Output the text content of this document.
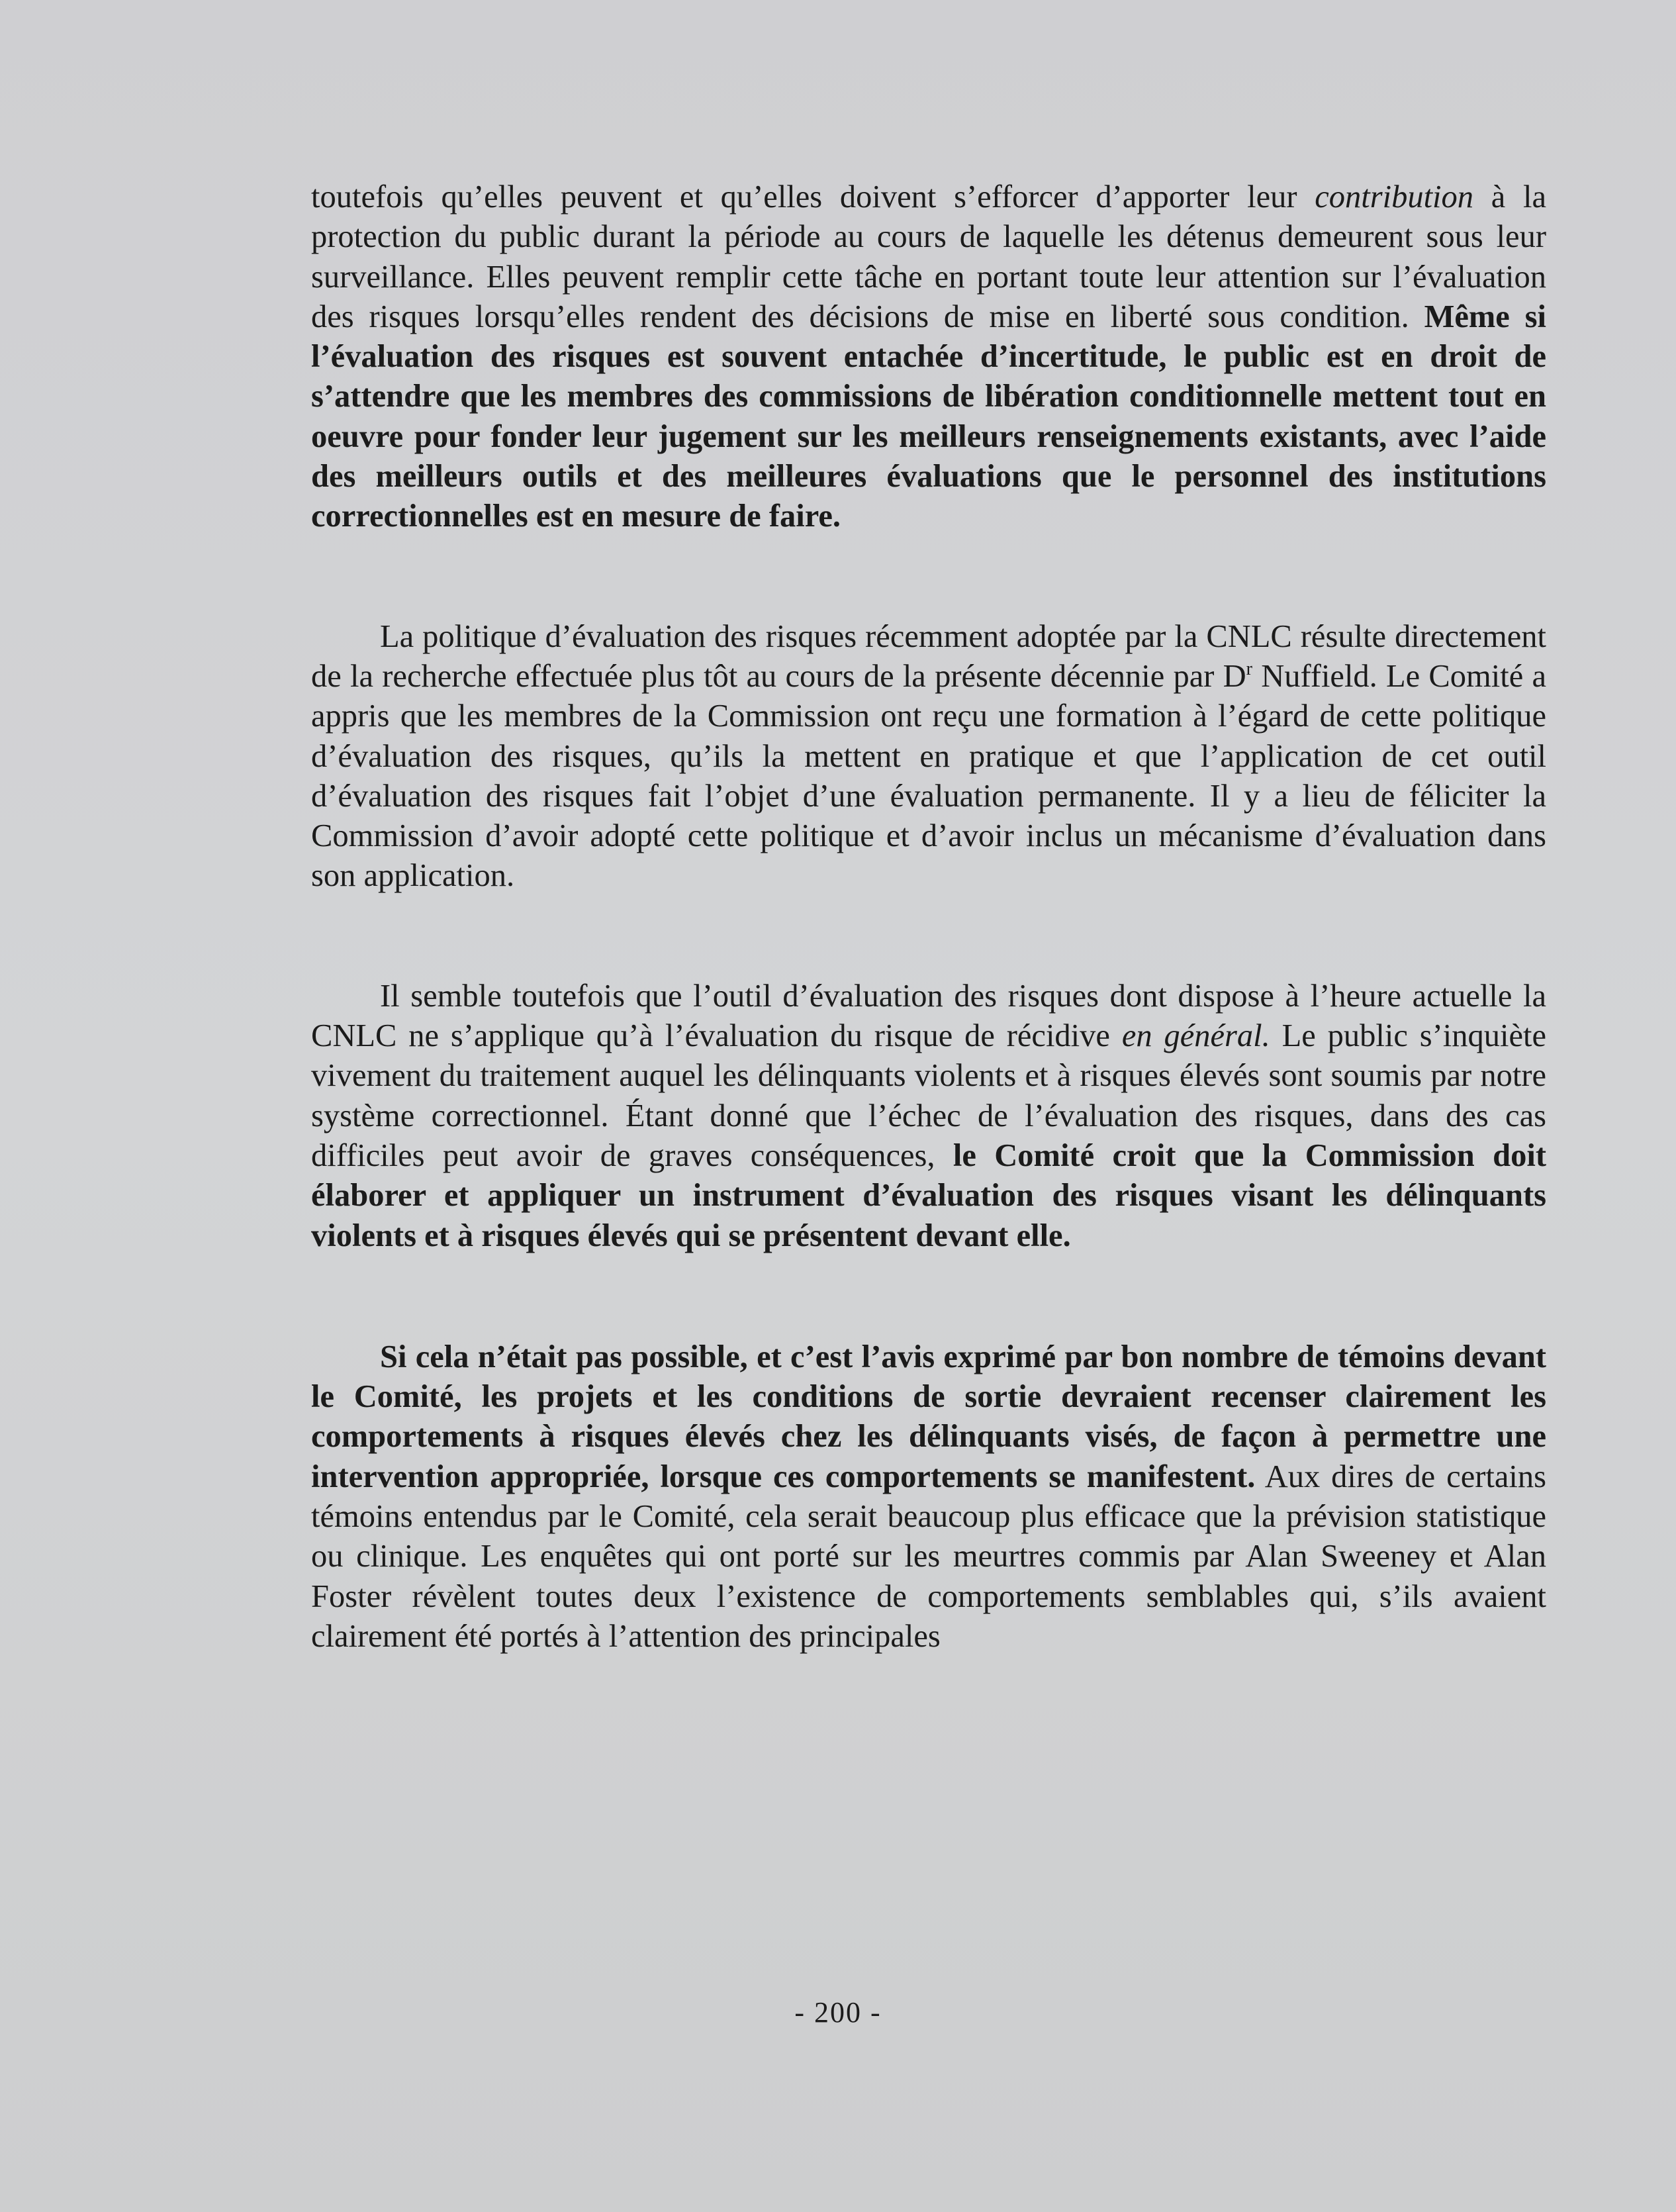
toutefois qu’elles peuvent et qu’elles doivent s’efforcer d’apporter leur contribution à la protection du public durant la période au cours de laquelle les détenus demeurent sous leur surveillance. Elles peuvent remplir cette tâche en portant toute leur attention sur l’évaluation des risques lorsqu’elles rendent des décisions de mise en liberté sous condition. Même si l’évaluation des risques est souvent entachée d’incertitude, le public est en droit de s’attendre que les membres des commissions de libération conditionnelle mettent tout en oeuvre pour fonder leur jugement sur les meilleurs renseignements existants, avec l’aide des meilleurs outils et des meilleures évaluations que le personnel des institutions correctionnelles est en mesure de faire.

La politique d’évaluation des risques récemment adoptée par la CNLC résulte directement de la recherche effectuée plus tôt au cours de la présente décennie par $D^r$ Nuffield. Le Comité a appris que les membres de la Commission ont reçu une formation à l’égard de cette politique d’évaluation des risques, qu’ils la mettent en pratique et que l’application de cet outil d’évaluation des risques fait l’objet d’une évaluation permanente. Il y a lieu de féliciter la Commission d’avoir adopté cette politique et d’avoir inclus un mécanisme d’évaluation dans son application.

Il semble toutefois que l’outil d’évaluation des risques dont dispose à l’heure actuelle la CNLC ne s’applique qu’à l’évaluation du risque de récidive en général. Le public s’inquiète vivement du traitement auquel les délinquants violents et à risques élevés sont soumis par notre système correctionnel. Étant donné que l’échec de l’évaluation des risques, dans des cas difficiles peut avoir de graves conséquences, le Comité croit que la Commission doit élaborer et appliquer un instrument d’évaluation des risques visant les délinquants violents et à risques élevés qui se présentent devant elle.

Si cela n’était pas possible, et c’est l’avis exprimé par bon nombre de témoins devant le Comité, les projets et les conditions de sortie devraient recenser clairement les comportements à risques élevés chez les délinquants visés, de façon à permettre une intervention appropriée, lorsque ces comportements se manifestent. Aux dires de certains témoins entendus par le Comité, cela serait beaucoup plus efficace que la prévision statistique ou clinique. Les enquêtes qui ont porté sur les meurtres commis par Alan Sweeney et Alan Foster révèlent toutes deux l’existence de comportements semblables qui, s’ils avaient clairement été portés à l’attention des principales

- 200 -
